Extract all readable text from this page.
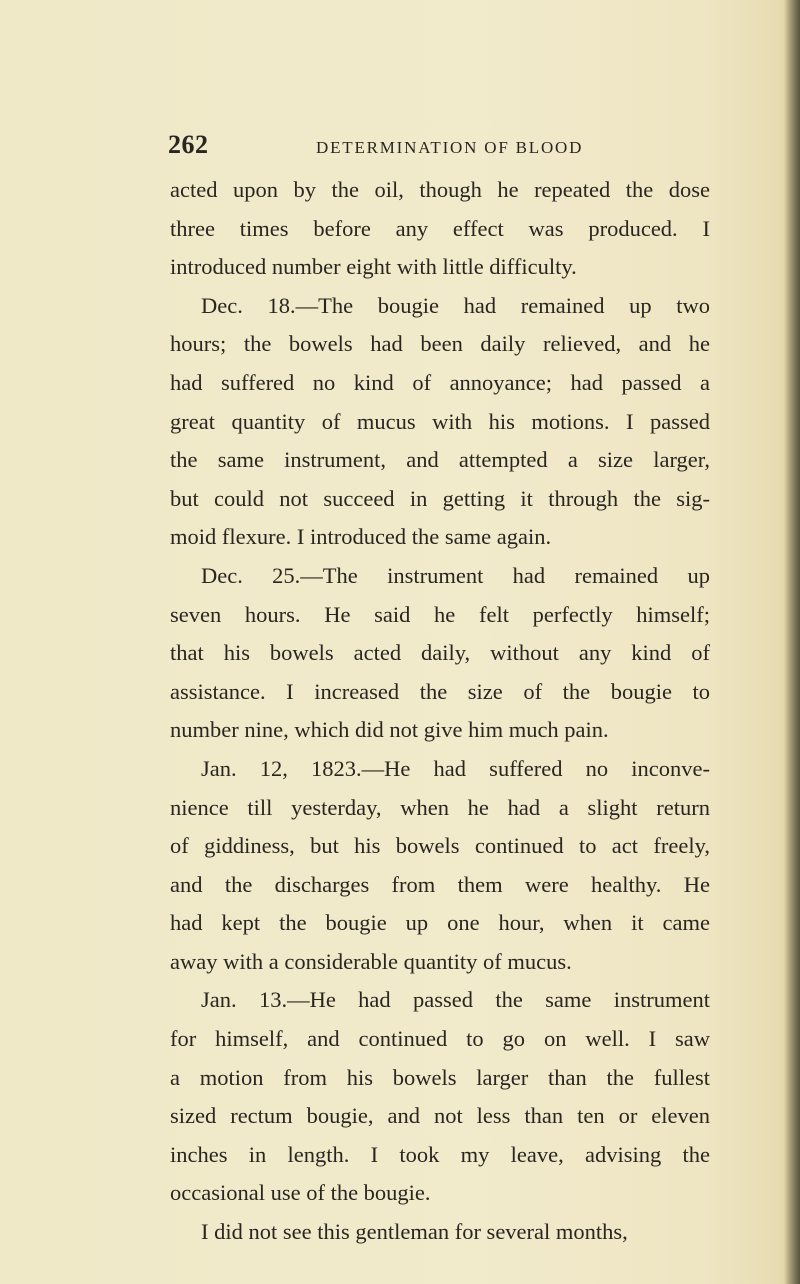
262	DETERMINATION OF BLOOD
acted upon by the oil, though he repeated the dose
three times before any effect was produced. I
introduced number eight with little difficulty.
Dec. 18.—The bougie had remained up two
hours; the bowels had been daily relieved, and he
had suffered no kind of annoyance; had passed a
great quantity of mucus with his motions. I passed
the same instrument, and attempted a size larger,
but could not succeed in getting it through the sig-
moid flexure. I introduced the same again.
Dec. 25.—The instrument had remained up
seven hours. He said he felt perfectly himself;
that his bowels acted daily, without any kind of
assistance. I increased the size of the bougie to
number nine, which did not give him much pain.
Jan. 12, 1823.—He had suffered no inconve-
nience till yesterday, when he had a slight return
of giddiness, but his bowels continued to act freely,
and the discharges from them were healthy. He
had kept the bougie up one hour, when it came
away with a considerable quantity of mucus.
Jan. 13.—He had passed the same instrument
for himself, and continued to go on well. I saw
a motion from his bowels larger than the fullest
sized rectum bougie, and not less than ten or eleven
inches in length. I took my leave, advising the
occasional use of the bougie.
I did not see this gentleman for several months,
